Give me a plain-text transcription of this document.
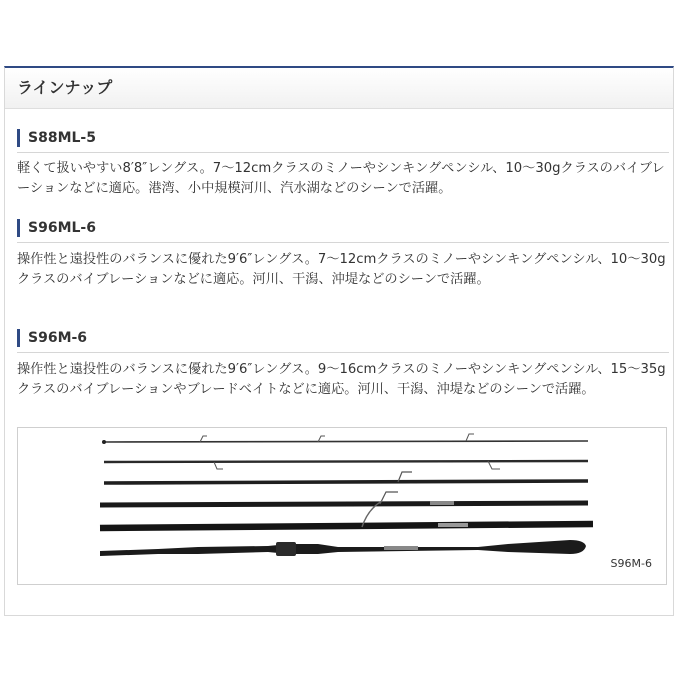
ラインナップ
S88ML-5
軽くて扱いやすい8′8″レングス。7～12cmクラスのミノーやシンキングペンシル、10～30gクラスのバイブレーションなどに適応。港湾、小中規模河川、汽水湖などのシーンで活躍。
S96ML-6
操作性と遠投性のバランスに優れた9′6″レングス。7～12cmクラスのミノーやシンキングペンシル、10～30gクラスのバイブレーションなどに適応。河川、干潟、沖堤などのシーンで活躍。
S96M-6
操作性と遠投性のバランスに優れた9′6″レングス。9～16cmクラスのミノーやシンキングペンシル、15～35gクラスのバイブレーションやブレードベイトなどに適応。河川、干潟、沖堤などのシーンで活躍。
S96M-6
